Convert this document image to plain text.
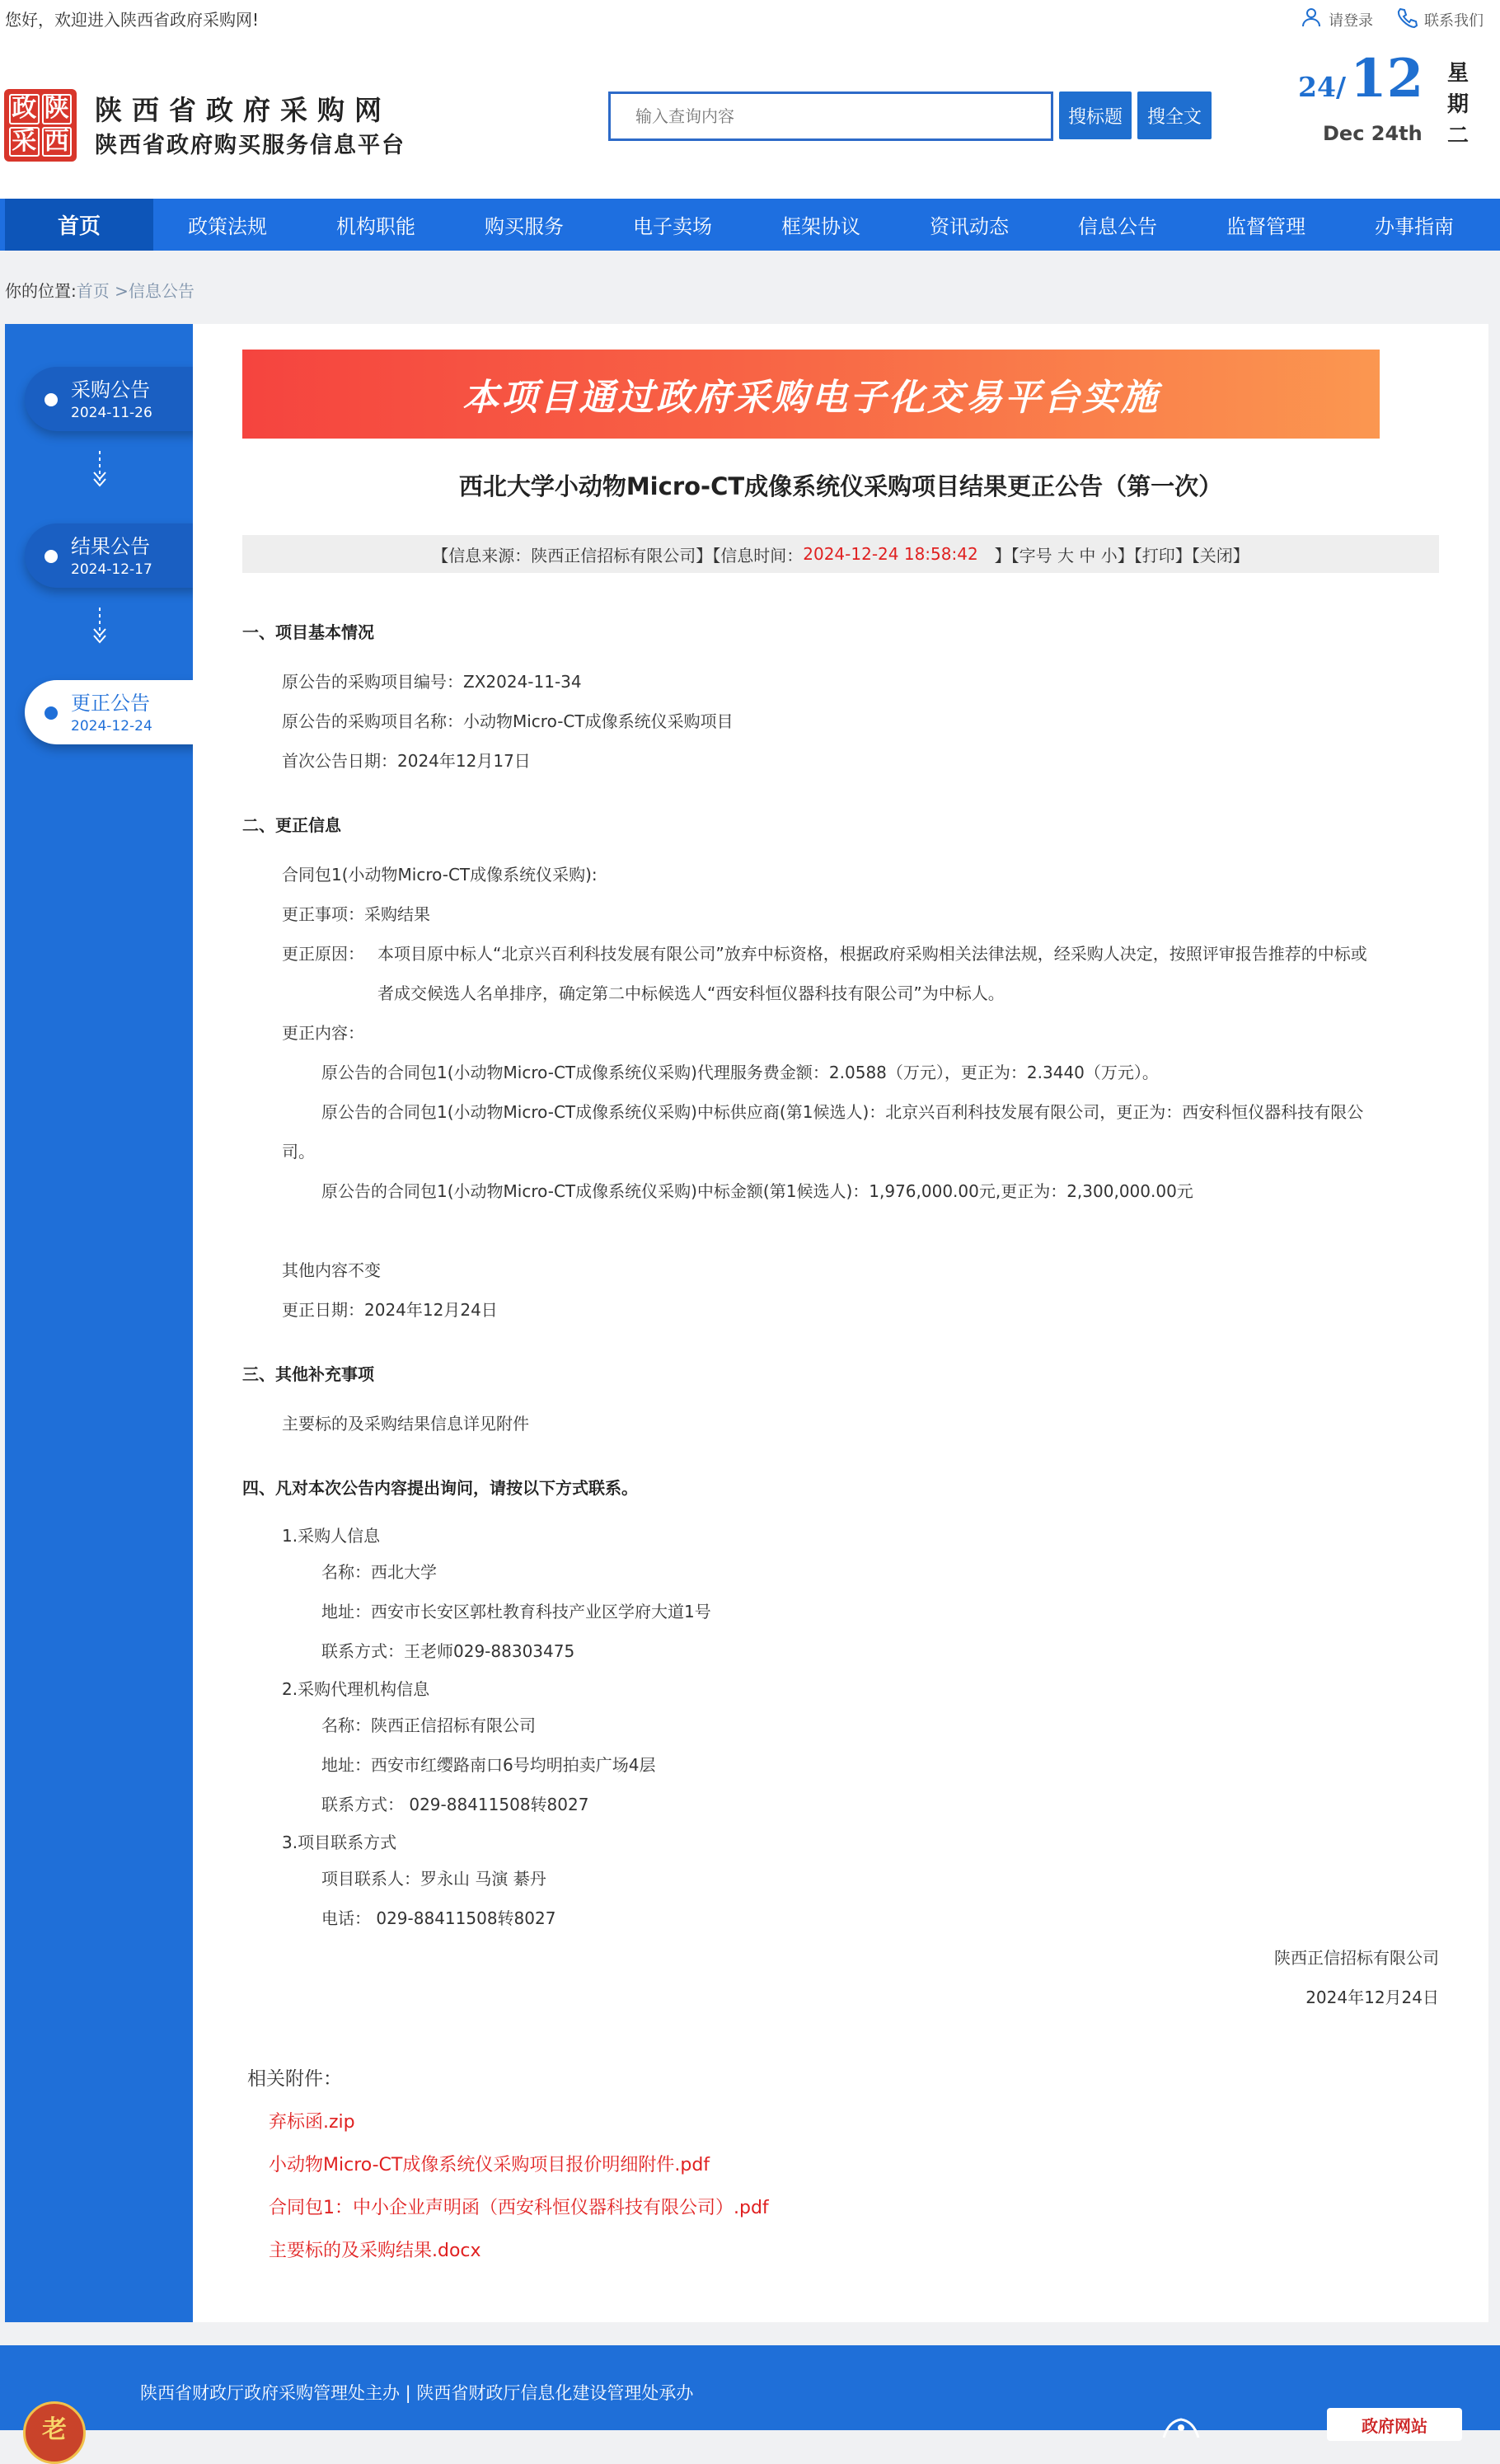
您好，欢迎进入陕西省政府采购网!	请登录	联系我们
政 陕
采 西
陕西省政府采购网
陕西省政府购买服务信息平台
输入查询内容
搜标题	搜全文
24/ 12
Dec 24th
星
期
二
首页	政策法规	机构职能	购买服务	电子卖场	框架协议	资讯动态	信息公告	监督管理	办事指南
你的位置:首页 >信息公告
采购公告
2024-11-26
结果公告
2024-12-17
更正公告
2024-12-24
本项目通过政府采购电子化交易平台实施
西北大学小动物Micro-CT成像系统仪采购项目结果更正公告（第一次）
【信息来源：陕西正信招标有限公司】【信息时间： 2024-12-24 18:58:42 　】【字号 大 中 小】【打印】【关闭】
一、项目基本情况
原公告的采购项目编号：ZX2024-11-34
原公告的采购项目名称：小动物Micro-CT成像系统仪采购项目
首次公告日期：2024年12月17日
二、更正信息
合同包1(小动物Micro-CT成像系统仪采购):
更正事项：采购结果
更正原因： 本项目原中标人“北京兴百利科技发展有限公司”放弃中标资格，根据政府采购相关法律法规，经采购人决定，按照评审报告推荐的中标或
者成交候选人名单排序，确定第二中标候选人“西安科恒仪器科技有限公司”为中标人。
更正内容：
原公告的合同包1(小动物Micro-CT成像系统仪采购)代理服务费金额：2.0588（万元），更正为：2.3440（万元）。
原公告的合同包1(小动物Micro-CT成像系统仪采购)中标供应商(第1候选人)：北京兴百利科技发展有限公司，更正为：西安科恒仪器科技有限公
司。
原公告的合同包1(小动物Micro-CT成像系统仪采购)中标金额(第1候选人)：1,976,000.00元,更正为：2,300,000.00元
其他内容不变
更正日期：2024年12月24日
三、其他补充事项
主要标的及采购结果信息详见附件
四、凡对本次公告内容提出询问，请按以下方式联系。
1.采购人信息
名称：西北大学
地址：西安市长安区郭杜教育科技产业区学府大道1号
联系方式：王老师029-88303475
2.采购代理机构信息
名称：陕西正信招标有限公司
地址：西安市红缨路南口6号均明拍卖广场4层
联系方式： 029-88411508转8027
3.项目联系方式
项目联系人：罗永山 马演 綦丹
电话： 029-88411508转8027
陕西正信招标有限公司
2024年12月24日
相关附件：
弃标函.zip
小动物Micro-CT成像系统仪采购项目报价明细附件.pdf
合同包1：中小企业声明函（西安科恒仪器科技有限公司）.pdf
主要标的及采购结果.docx
陕西省财政厅政府采购管理处主办 | 陕西省财政厅信息化建设管理处承办
老	政府网站
